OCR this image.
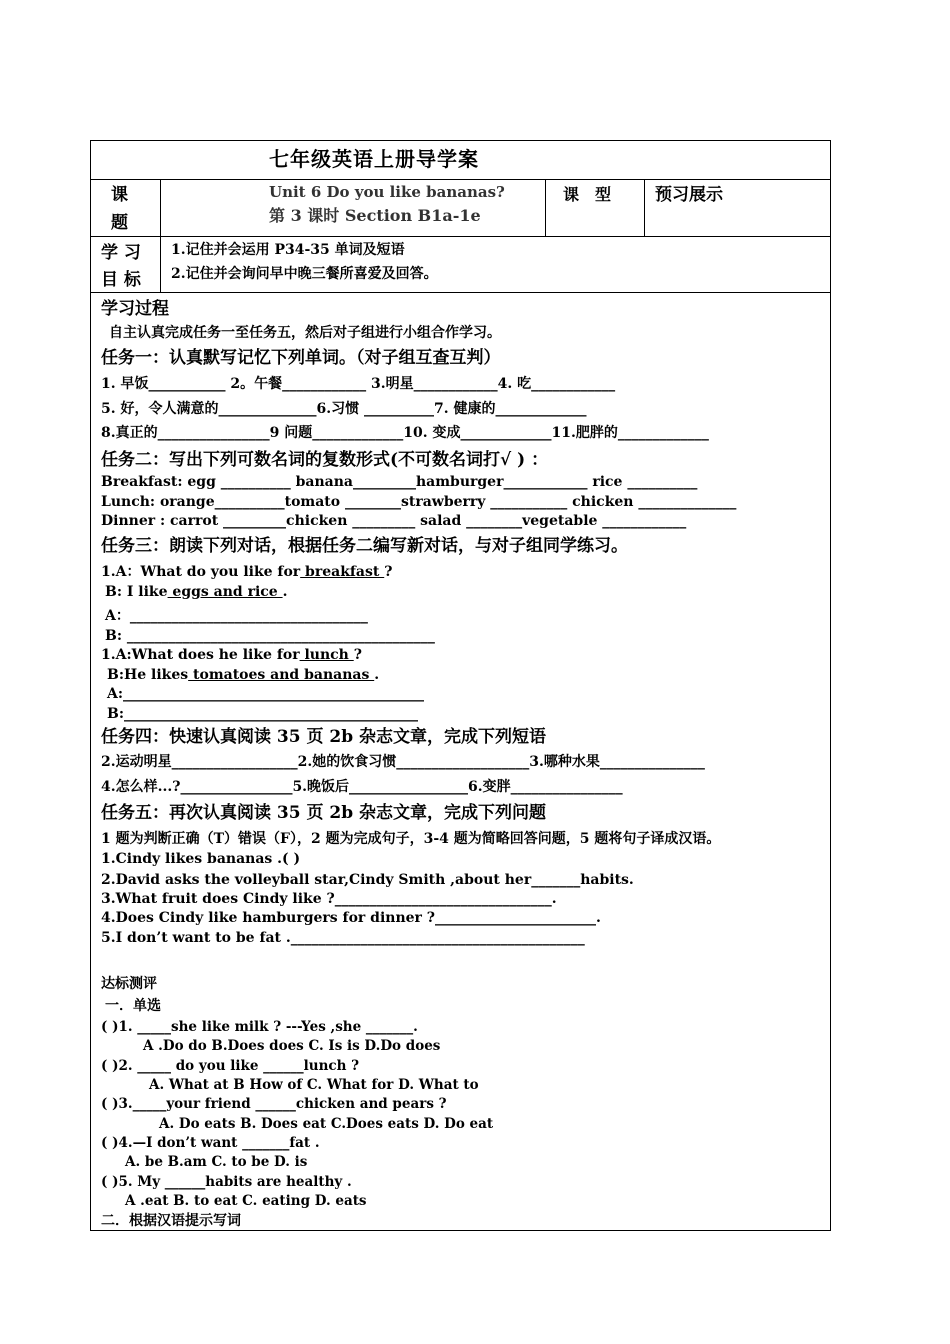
七年级英语上册导学案
课
题
Unit 6 Do you like bananas?
第 3 课时 Section B1a-1e
课　型	预习展示
学 习
目 标
1.记住并会运用 P34-35 单词及短语
2.记住并会询问早中晚三餐所喜爱及回答。
学习过程
自主认真完成任务一至任务五，然后对子组进行小组合作学习。
任务一：认真默写记忆下列单词。（对子组互查互判）
1. 早饭___________ 2。午餐____________ 3.明星____________4. 吃____________
5. 好，令人满意的______________6.习惯 __________7. 健康的_____________
8.真正的________________9 问题_____________10. 变成_____________11.肥胖的_____________
任务二：写出下列可数名词的复数形式(不可数名词打√ ) ：
Breakfast: egg __________ banana_________hamburger____________ rice __________
Lunch: orange__________tomato ________strawberry ___________ chicken ______________
Dinner : carrot _________chicken _________ salad ________vegetable ____________
任务三：朗读下列对话，根据任务二编写新对话，与对子组同学练习。
1.A：What do you like for breakfast ?
B: I like eggs and rice .
A：__________________________________
B: ____________________________________________
1.A:What does he like for lunch ?
B:He likes tomatoes and bananas .
A:___________________________________________
B:__________________________________________
任务四：快速认真阅读 35 页 2b 杂志文章，完成下列短语
2.运动明星__________________2.她的饮食习惯___________________3.哪种水果_______________
4.怎么样...?________________5.晚饭后_________________6.变胖________________
任务五：再次认真阅读 35 页 2b 杂志文章，完成下列问题
1 题为判断正确（T）错误（F），2 题为完成句子，3-4 题为简略回答问题，5 题将句子译成汉语。
1.Cindy likes bananas .( )
2.David asks the volleyball star,Cindy Smith ,about her_______habits.
3.What fruit does Cindy like ?_______________________________.
4.Does Cindy like hamburgers for dinner ?_______________________.
5.I don’t want to be fat .__________________________________________
达标测评
一．单选
( )1. _____she like milk ? ---Yes ,she _______.
A .Do do B.Does does C. Is is D.Do does
( )2. _____ do you like ______lunch ?
A. What at B How of C. What for D. What to
( )3._____your friend ______chicken and pears ?
A. Do eats B. Does eat C.Does eats D. Do eat
( )4.—I don’t want _______fat .
A. be B.am C. to be D. is
( )5. My ______habits are healthy .
A .eat B. to eat C. eating D. eats
二．根据汉语提示写词
